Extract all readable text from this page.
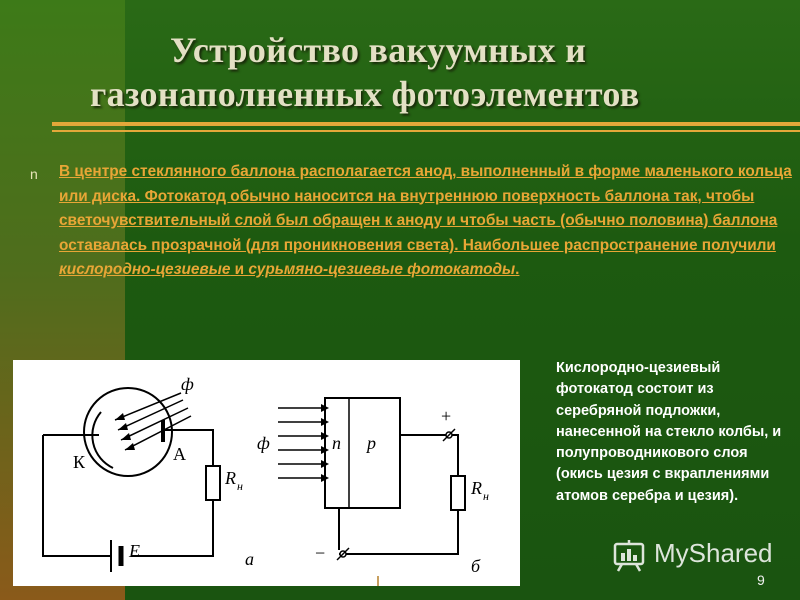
Устройство вакуумных и
газонаполненных фотоэлементов
n В центре стеклянного баллона располагается анод, выполненный в форме маленького кольца или диска. Фотокатод обычно наносится на внутреннюю поверхность баллона так, чтобы светочувствительный слой был обращен к аноду и чтобы часть (обычно половина) баллона оставалась прозрачной (для проникновения света). Наибольшее распространение получили кислородно-цезиевые и сурьмяно-цезиевые фотокатоды.
ф
К	А
R н
E	а
ф	n p
+
−
R н
б
Кислородно-цезиевый фотокатод состоит из серебряной подложки, нанесенной на стекло колбы, и полупроводникового слоя (окись цезия с вкраплениями атомов серебра и цезия).
MyShared
9
